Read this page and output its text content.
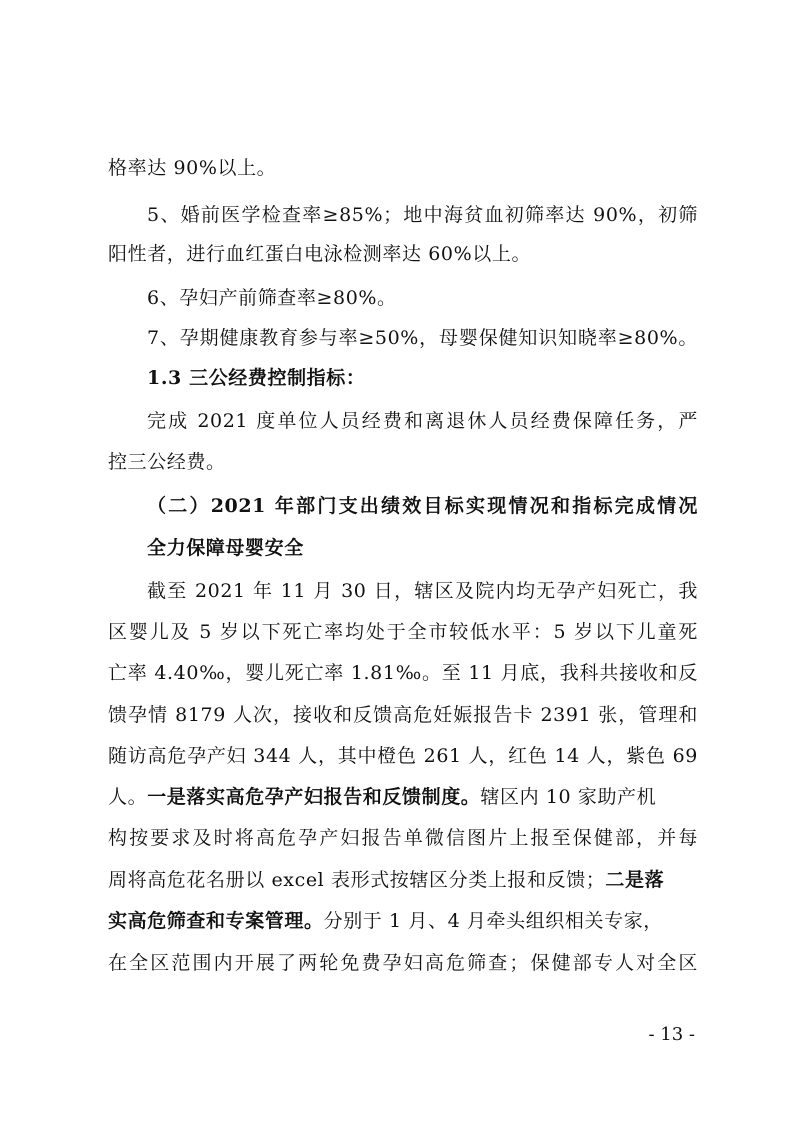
格率达 90%以上。
5、婚前医学检查率≥85%；地中海贫血初筛率达 90%，初筛
阳性者，进行血红蛋白电泳检测率达 60%以上。
6、孕妇产前筛查率≥80%。
7、孕期健康教育参与率≥50%，母婴保健知识知晓率≥80%。
1.3 三公经费控制指标：
完成 2021 度单位人员经费和离退休人员经费保障任务，严
控三公经费。
（二）2021 年部门支出绩效目标实现情况和指标完成情况
全力保障母婴安全
截至 2021 年 11 月 30 日，辖区及院内均无孕产妇死亡，我
区婴儿及 5 岁以下死亡率均处于全市较低水平：5 岁以下儿童死
亡率 4.40‰，婴儿死亡率 1.81‰。至 11 月底，我科共接收和反
馈孕情 8179 人次，接收和反馈高危妊娠报告卡 2391 张，管理和
随访高危孕产妇 344 人，其中橙色 261 人，红色 14 人，紫色 69
人。一是落实高危孕产妇报告和反馈制度。辖区内 10 家助产机
构按要求及时将高危孕产妇报告单微信图片上报至保健部，并每
周将高危花名册以 excel 表形式按辖区分类上报和反馈；二是落
实高危筛查和专案管理。分别于 1 月、4 月牵头组织相关专家，
在全区范围内开展了两轮免费孕妇高危筛查；保健部专人对全区
- 13 -
